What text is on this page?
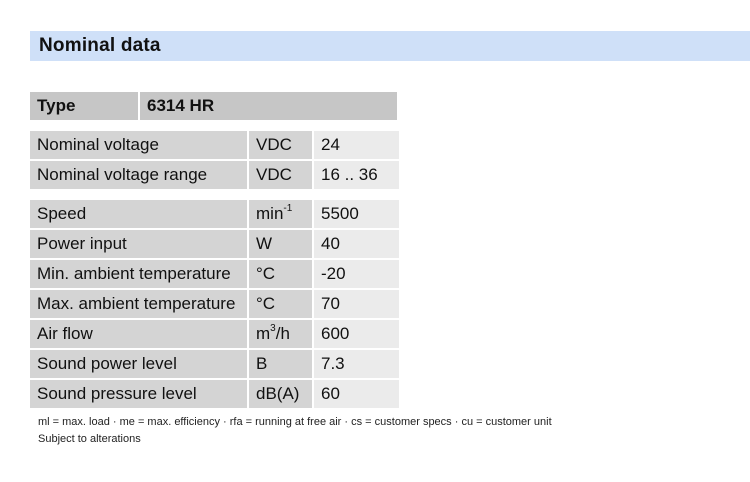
Nominal data
Type	6314 HR
Nominal voltage	VDC	24
Nominal voltage range	VDC	16 .. 36
Speed	$\min^{-1}$	5500
Power input	W	40
Min. ambient temperature	°C	-20
Max. ambient temperature	°C	70
Air flow	$m^3/h$	600
Sound power level	B	7.3
Sound pressure level	dB(A)	60
ml = max. load · me = max. efficiency · rfa = running at free air · cs = customer specs · cu = customer unit
Subject to alterations
